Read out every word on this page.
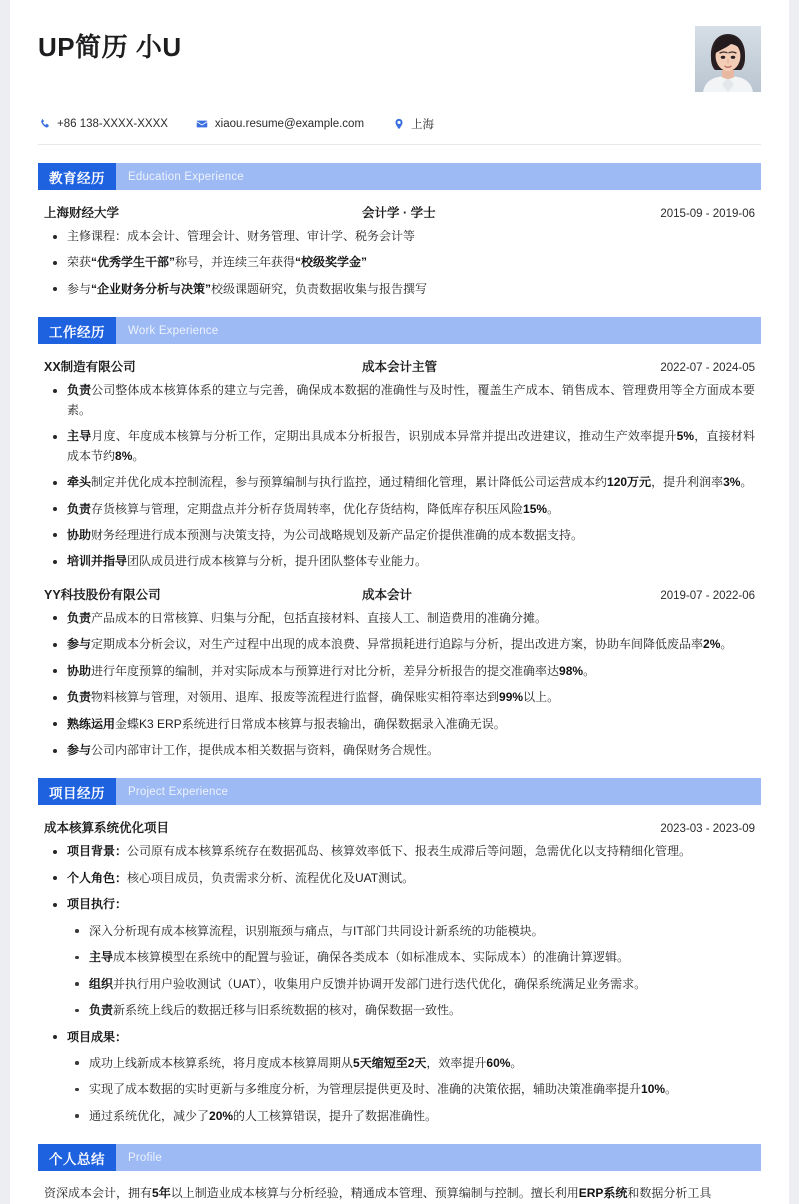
UP简历 小U
+86 138-XXXX-XXXX	xiaou.resume@example.com	上海
教育经历	Education Experience
上海财经大学	会计学 · 学士	2015-09 - 2019-06
主修课程：成本会计、管理会计、财务管理、审计学、税务会计等
荣获“优秀学生干部”称号，并连续三年获得“校级奖学金”
参与“企业财务分析与决策”校级课题研究，负责数据收集与报告撰写
工作经历	Work Experience
XX制造有限公司	成本会计主管	2022-07 - 2024-05
负责公司整体成本核算体系的建立与完善，确保成本数据的准确性与及时性，覆盖生产成本、销售成本、管理费用等全方面成本要素。
主导月度、年度成本核算与分析工作，定期出具成本分析报告，识别成本异常并提出改进建议，推动生产效率提升5%，直接材料成本节约8%。
牵头制定并优化成本控制流程，参与预算编制与执行监控，通过精细化管理，累计降低公司运营成本约120万元，提升利润率3%。
负责存货核算与管理，定期盘点并分析存货周转率，优化存货结构，降低库存积压风险15%。
协助财务经理进行成本预测与决策支持，为公司战略规划及新产品定价提供准确的成本数据支持。
培训并指导团队成员进行成本核算与分析，提升团队整体专业能力。
YY科技股份有限公司	成本会计	2019-07 - 2022-06
负责产品成本的日常核算、归集与分配，包括直接材料、直接人工、制造费用的准确分摊。
参与定期成本分析会议，对生产过程中出现的成本浪费、异常损耗进行追踪与分析，提出改进方案，协助车间降低废品率2%。
协助进行年度预算的编制，并对实际成本与预算进行对比分析，差异分析报告的提交准确率达98%。
负责物料核算与管理，对领用、退库、报废等流程进行监督，确保账实相符率达到99%以上。
熟练运用金蝶K3 ERP系统进行日常成本核算与报表输出，确保数据录入准确无误。
参与公司内部审计工作，提供成本相关数据与资料，确保财务合规性。
项目经历	Project Experience
成本核算系统优化项目	2023-03 - 2023-09
项目背景：公司原有成本核算系统存在数据孤岛、核算效率低下、报表生成滞后等问题，急需优化以支持精细化管理。
个人角色：核心项目成员，负责需求分析、流程优化及UAT测试。
项目执行：
深入分析现有成本核算流程，识别瓶颈与痛点，与IT部门共同设计新系统的功能模块。
主导成本核算模型在系统中的配置与验证，确保各类成本（如标准成本、实际成本）的准确计算逻辑。
组织并执行用户验收测试（UAT），收集用户反馈并协调开发部门进行迭代优化，确保系统满足业务需求。
负责新系统上线后的数据迁移与旧系统数据的核对，确保数据一致性。
项目成果：
成功上线新成本核算系统，将月度成本核算周期从5天缩短至2天，效率提升60%。
实现了成本数据的实时更新与多维度分析，为管理层提供更及时、准确的决策依据，辅助决策准确率提升10%。
通过系统优化，减少了20%的人工核算错误，提升了数据准确性。
个人总结	Profile
资深成本会计，拥有5年以上制造业成本核算与分析经验，精通成本管理、预算编制与控制。擅长利用ERP系统和数据分析工具
